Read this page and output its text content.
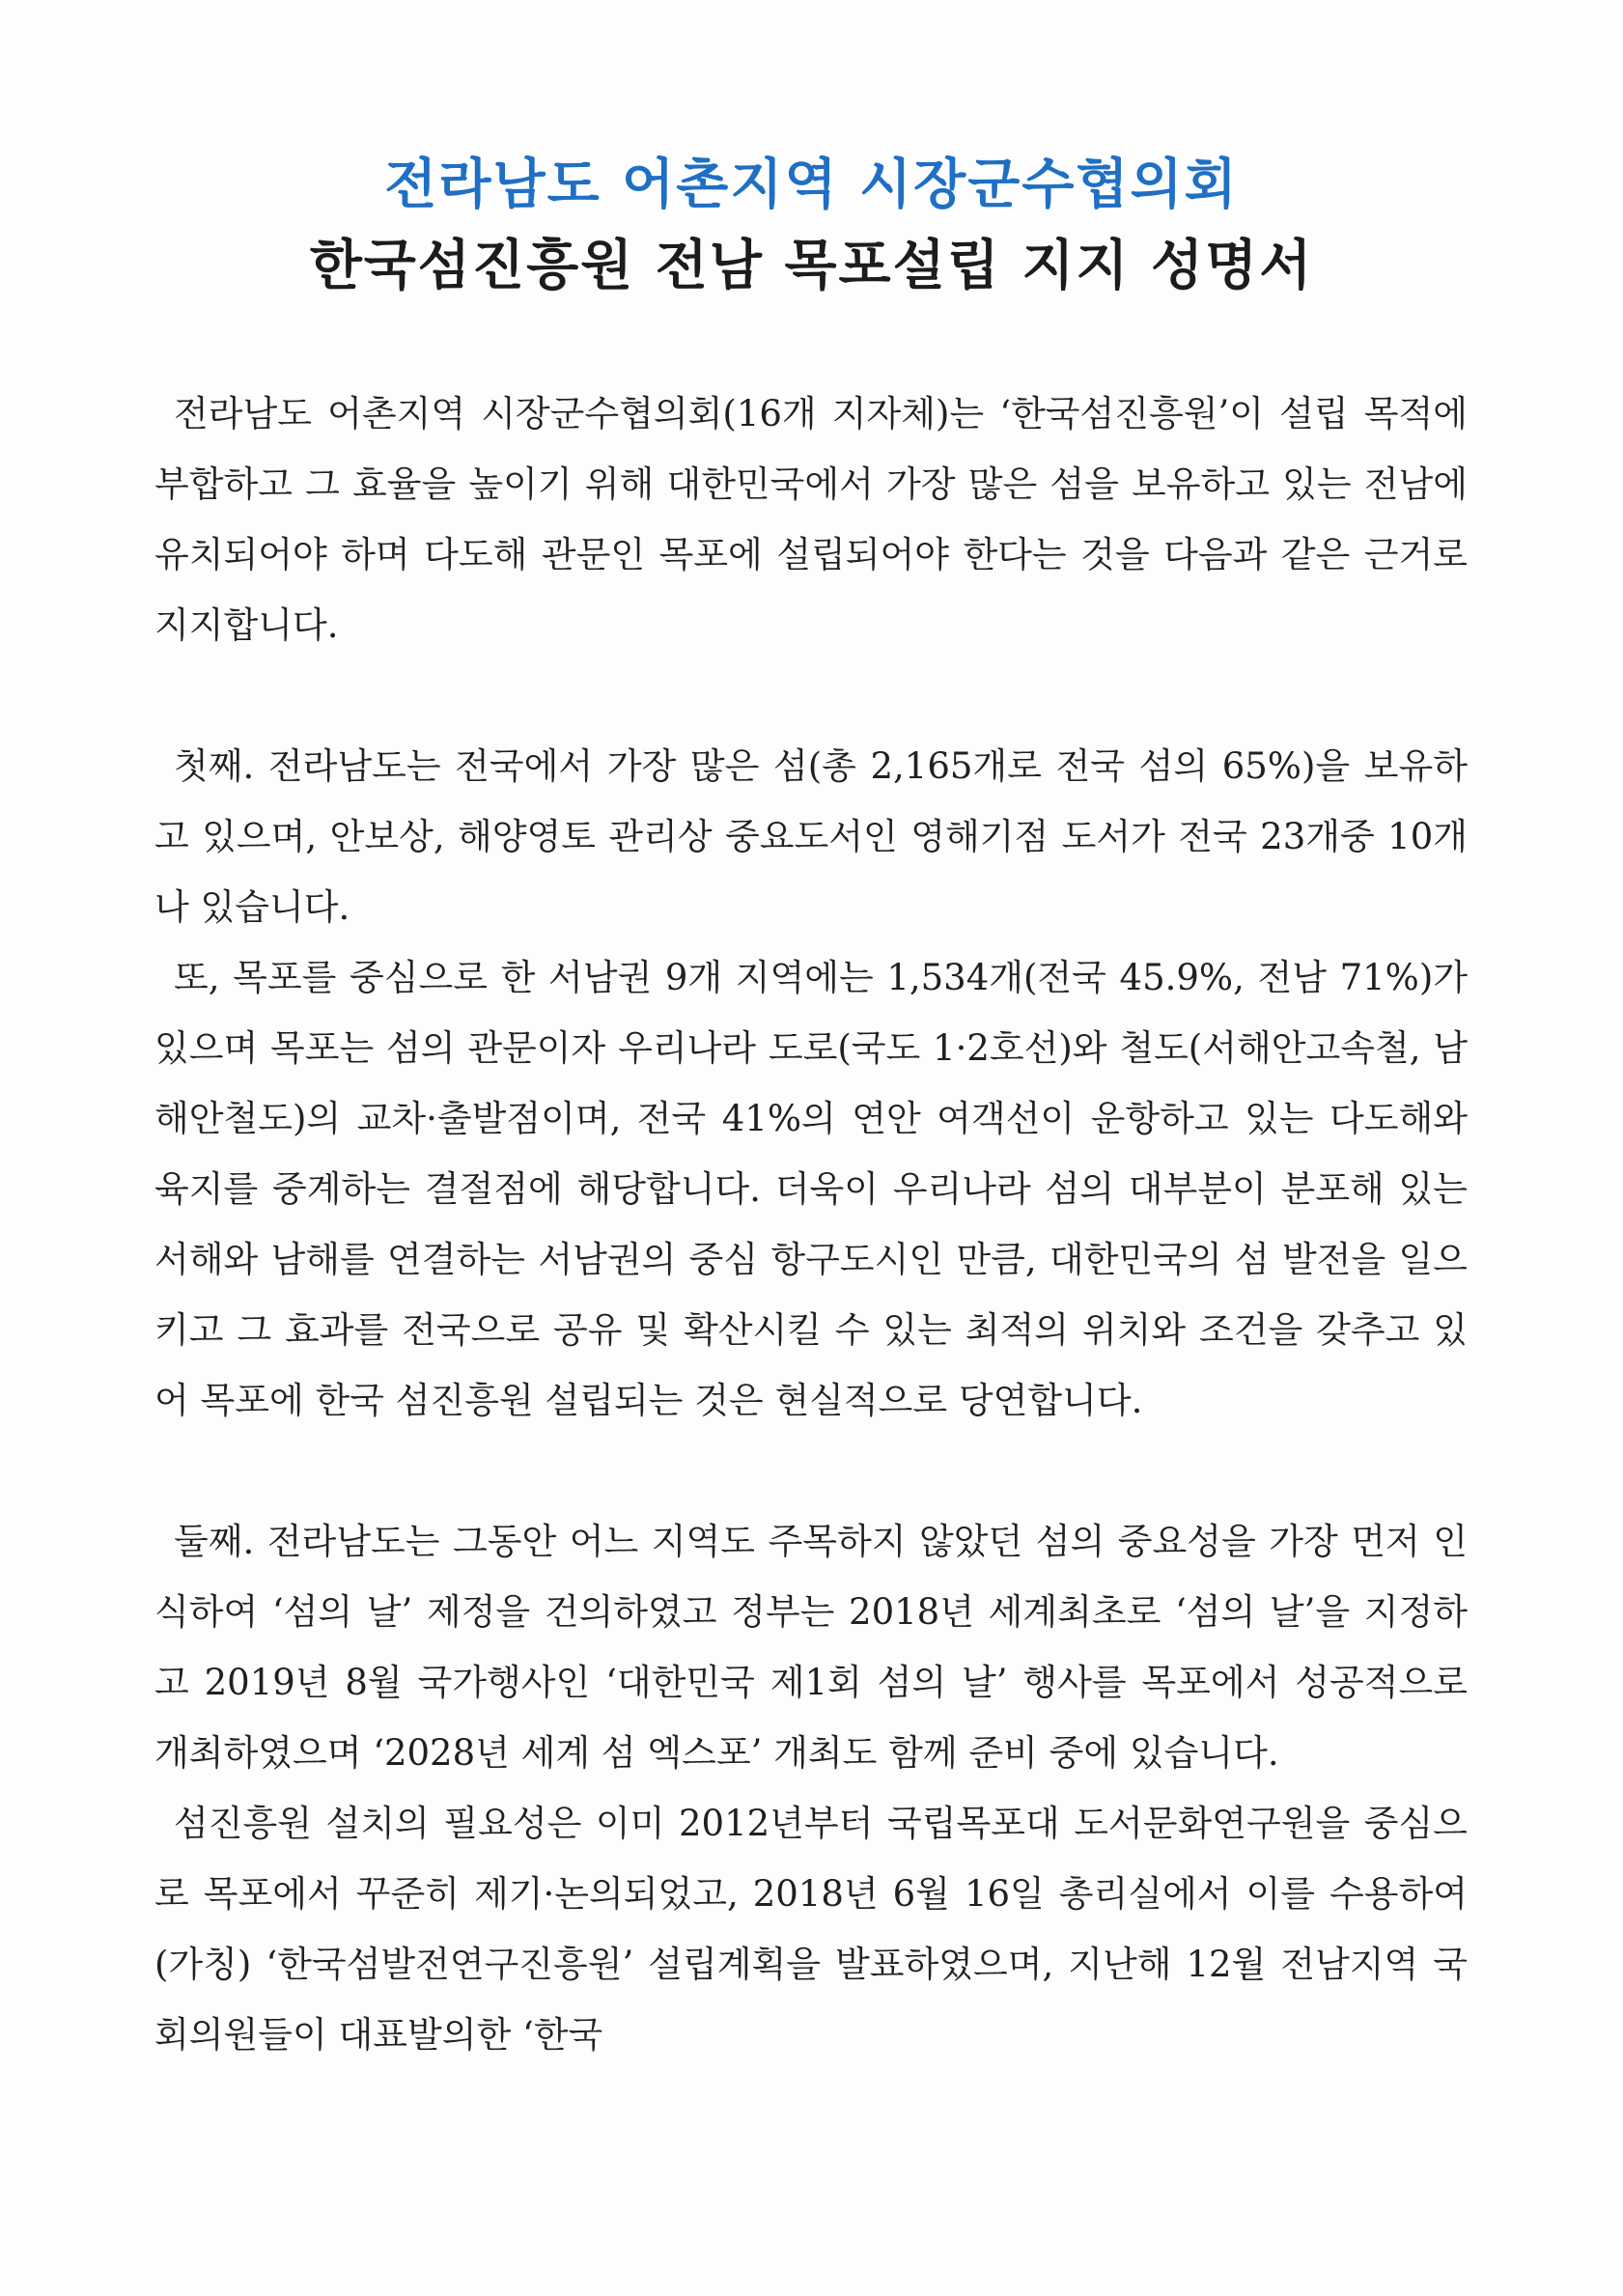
전라남도 어촌지역 시장군수협의회
한국섬진흥원 전남 목포설립 지지 성명서

전라남도 어촌지역 시장군수협의회(16개 지자체)는 ‘한국섬진흥원’이 설립 목적에 부합하고 그 효율을 높이기 위해 대한민국에서 가장 많은 섬을 보유하고 있는 전남에 유치되어야 하며 다도해 관문인 목포에 설립되어야 한다는 것을 다음과 같은 근거로 지지합니다.

첫째. 전라남도는 전국에서 가장 많은 섬(총 2,165개로 전국 섬의 65%)을 보유하고 있으며, 안보상, 해양영토 관리상 중요도서인 영해기점 도서가 전국 23개중 10개나 있습니다.

또, 목포를 중심으로 한 서남권 9개 지역에는 1,534개(전국 45.9%, 전남 71%)가 있으며 목포는 섬의 관문이자 우리나라 도로(국도 1·2호선)와 철도(서해안고속철, 남해안철도)의 교차·출발점이며, 전국 41%의 연안 여객선이 운항하고 있는 다도해와 육지를 중계하는 결절점에 해당합니다. 더욱이 우리나라 섬의 대부분이 분포해 있는 서해와 남해를 연결하는 서남권의 중심 항구도시인 만큼, 대한민국의 섬 발전을 일으키고 그 효과를 전국으로 공유 및 확산시킬 수 있는 최적의 위치와 조건을 갖추고 있어 목포에 한국 섬진흥원 설립되는 것은 현실적으로 당연합니다.

둘째. 전라남도는 그동안 어느 지역도 주목하지 않았던 섬의 중요성을 가장 먼저 인식하여 ‘섬의 날’ 제정을 건의하였고 정부는 2018년 세계최초로 ‘섬의 날’을 지정하고 2019년 8월 국가행사인 ‘대한민국 제1회 섬의 날’ 행사를 목포에서 성공적으로 개최하였으며 ‘2028년 세계 섬 엑스포’ 개최도 함께 준비 중에 있습니다.

섬진흥원 설치의 필요성은 이미 2012년부터 국립목포대 도서문화연구원을 중심으로 목포에서 꾸준히 제기·논의되었고, 2018년 6월 16일 총리실에서 이를 수용하여 (가칭) ‘한국섬발전연구진흥원’ 설립계획을 발표하였으며, 지난해 12월 전남지역 국회의원들이 대표발의한 ‘한국
